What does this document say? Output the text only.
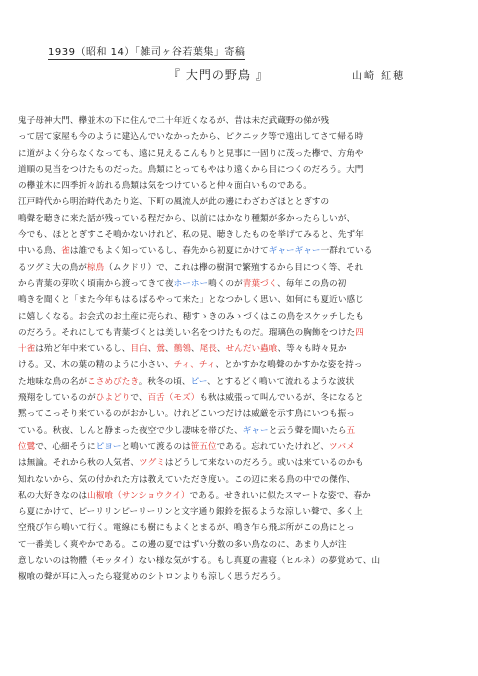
1939（昭和 14）「雑司ヶ谷若葉集」寄稿
『 大門の野鳥 』	山崎 紅穂
鬼子母神大門、欅並木の下に住んで二十年近くなるが、昔は未だ武蔵野の俤が残
って居て家屋も今のように建込んでいなかったから、ピクニック等で遠出してさて帰る時
に道がよく分らなくなっても、遠に見えるこんもりと見事に一固りに茂った欅で、方角や
道順の見当をつけたものだった。鳥類にとってもやはり遠くから目につくのだろう。大門
の欅並木に四季折々訪れる鳥類は気をつけていると仲々面白いものである。
江戸時代から明治時代あたり迄、下町の風流人が此の邊にわざわざほととぎすの
鳴聲を聴きに来た話が残っている程だから、以前にはかなり種類が多かったらしいが、
今でも、ほととぎすこそ鳴かないけれど、私の見、聴きしたものを挙げてみると、先ず年
中いる鳥、雀は誰でもよく知っているし、春先から初夏にかけてギャーギャー一群れている
るツグミ大の鳥が椋鳥（ムクドリ）で、これは欅の樹洞で繁殖するから目につく等、それ
から青葉の芽吹く頃南から渡ってきて夜ホーホー鳴くのが青葉づく、毎年この鳥の初
鳴きを聞くと「また今年もはるばるやって来た」となつかしく思い、如何にも夏近い感じ
に嬉しくなる。お会式のお土産に売られ、穂すゝきのみゝづくはこの鳥をスケッチしたも
のだろう。それにしても青葉づくとは美しい名をつけたものだ。瑠璃色の胸飾をつけた四
十雀は殆ど年中来ているし、目白、鶯、鶺鴒、尾長、せんだい蟲喰、等々も時々見か
ける。又、木の葉の精のように小さい、チィ、チィ、とかすかな鳴聲のかすかな姿を持っ
た地味な鳥の名がこさめびたき。秋冬の頃、ピー、とするどく鳴いて流れるような波状
飛翔をしているのがひよどりで、百舌（モズ）も秋は威張って叫んでいるが、冬になると
黙ってこっそり来ているのがおかしい。けれどこいつだけは威厳を示す鳥にいつも振っ
ている。秋夜、しんと静まった夜空で少し凄味を帯びた、ギャーと云う聲を聞いたら五
位鷺で、心細そうにピヨーと鳴いて渡るのは笹五位である。忘れていたけれど、ツバメ
は無論。それから秋の人気者、ツグミはどうして来ないのだろう。或いは来ているのかも
知れないから、気の付かれた方は教えていただき度い。この辺に来る鳥の中での傑作、
私の大好きなのは山椒喰（サンショウクイ）である。せきれいに似たスマートな姿で、春か
ら夏にかけて、ピーリリンピーリーリンと文字通り銀鈴を振るような涼しい聲で、多く上
空飛び乍ら鳴いて行く。電線にも樹にもよくとまるが、鳴き乍ら飛ぶ所がこの鳥にとっ
て一番美しく爽やかである。この邊の夏ではずい分数の多い鳥なのに、あまり人が注
意しないのは物體（モッタイ）ない様な気がする。もし真夏の晝寝（ヒルネ）の夢覚めて、山
椒喰の聲が耳に入ったら寝覚めのシトロンよりも涼しく思うだろう。
